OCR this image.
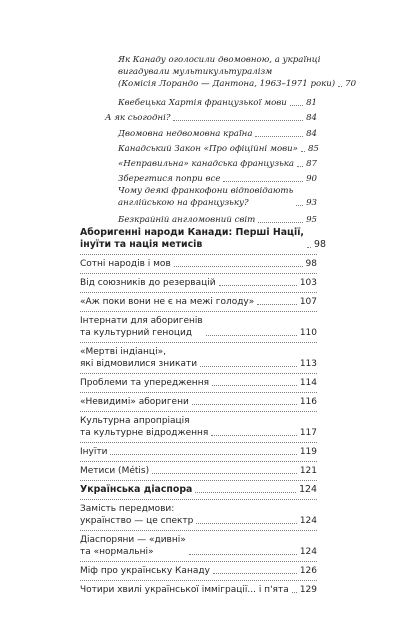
Як Канаду оголосили двомовною, а українці
вигадували мультикультуралізм
(Комісія Лорандо — Дантона, 1963–1971 роки) 70
Квебецька Хартія французької мови 81
А як сьогодні?	84
Двомовна недвомовна країна	84
Канадський Закон «Про офіційні мови» 85
«Неправильна» канадська французька 87
Зберегтися попри все	90
Чому деякі франкофони відповідають
англійською на французьку?	93
Безкрайній англомовний світ	95
Аборигенні народи Канади: Перші Нації,
інуїти та нація метисів	98
Сотні народів і мов	98
Від союзників до резервацій	103
«Аж поки вони не є на межі голоду»	107
Інтернати для аборигенів
та культурний геноцид	110
«Мертві індіанці»,
які відмовилися зникати	113
Проблеми та упередження	114
«Невидимі» аборигени	116
Культурна апропріація
та культурне відродження	117
Інуїти	119
Метиси (Métis)	121
Українська діаспора	124
Замість передмови:
українство — це спектр	124
Діаспоряни — «дивні»
та «нормальні»	124
Міф про українську Канаду	126
Чотири хвилі української імміграції... і п'ята 129
